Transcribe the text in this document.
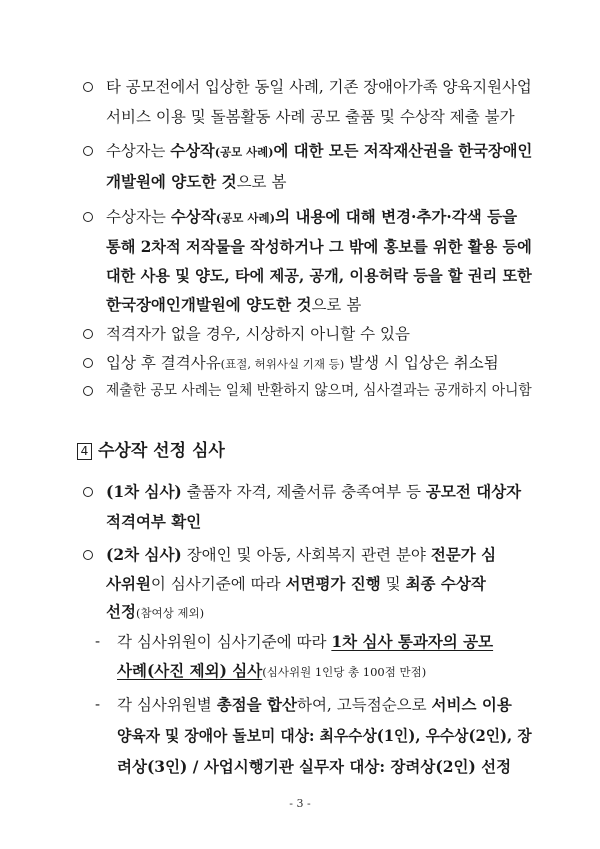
타 공모전에서 입상한 동일 사례, 기존 장애아가족 양육지원사업
서비스 이용 및 돌봄활동 사례 공모 출품 및 수상작 제출 불가
수상자는 수상작(공모 사례)에 대한 모든 저작재산권을 한국장애인
개발원에 양도한 것으로 봄
수상자는 수상작(공모 사례)의 내용에 대해 변경·추가·각색 등을
통해 2차적 저작물을 작성하거나 그 밖에 홍보를 위한 활용 등에
대한 사용 및 양도, 타에 제공, 공개, 이용허락 등을 할 권리 또한
한국장애인개발원에 양도한 것으로 봄
적격자가 없을 경우, 시상하지 아니할 수 있음
입상 후 결격사유(표절, 허위사실 기재 등) 발생 시 입상은 취소됨
제출한 공모 사례는 일체 반환하지 않으며, 심사결과는 공개하지 아니함
4 수상작 선정 심사
(1차 심사) 출품자 자격, 제출서류 충족여부 등 공모전 대상자
적격여부 확인
(2차 심사) 장애인 및 아동, 사회복지 관련 분야 전문가 심
사위원이 심사기준에 따라 서면평가 진행 및 최종 수상작
선정(참여상 제외)
- 각 심사위원이 심사기준에 따라 1차 심사 통과자의 공모
사례(사진 제외) 심사(심사위원 1인당 총 100점 만점)
- 각 심사위원별 총점을 합산하여, 고득점순으로 서비스 이용
양육자 및 장애아 돌보미 대상: 최우수상(1인), 우수상(2인), 장
려상(3인) / 사업시행기관 실무자 대상: 장려상(2인) 선정
- 3 -
